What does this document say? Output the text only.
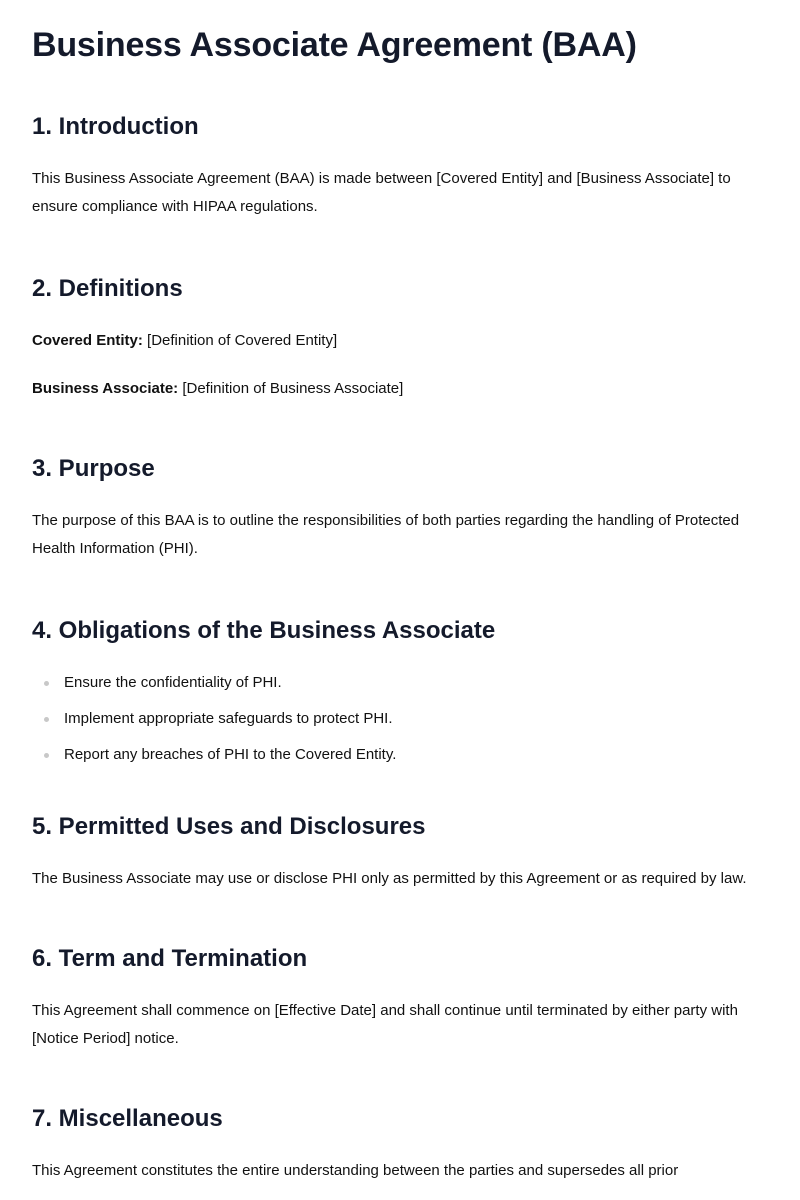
Business Associate Agreement (BAA)
1. Introduction

This Business Associate Agreement (BAA) is made between [Covered Entity] and [Business Associate] to ensure compliance with HIPAA regulations.

2. Definitions
Covered Entity: [Definition of Covered Entity]
Business Associate: [Definition of Business Associate]
3. Purpose

The purpose of this BAA is to outline the responsibilities of both parties regarding the handling of Protected Health Information (PHI).

4. Obligations of the Business Associate
Ensure the confidentiality of PHI.
Implement appropriate safeguards to protect PHI.
Report any breaches of PHI to the Covered Entity.
5. Permitted Uses and Disclosures

The Business Associate may use or disclose PHI only as permitted by this Agreement or as required by law.

6. Term and Termination

This Agreement shall commence on [Effective Date] and shall continue until terminated by either party with [Notice Period] notice.

7. Miscellaneous

This Agreement constitutes the entire understanding between the parties and supersedes all prior
